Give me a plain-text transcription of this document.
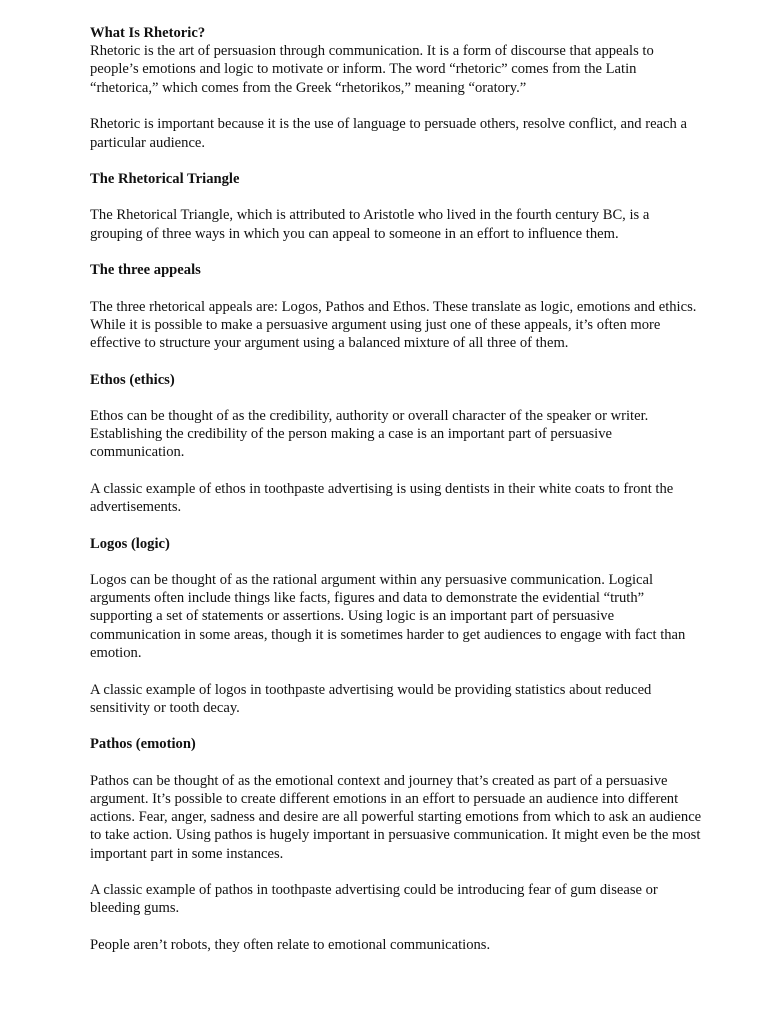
What Is Rhetoric?

Rhetoric is the art of persuasion through communication. It is a form of discourse that appeals to people’s emotions and logic to motivate or inform. The word “rhetoric” comes from the Latin “rhetorica,” which comes from the Greek “rhetorikos,” meaning “oratory.”

Rhetoric is important because it is the use of language to persuade others, resolve conflict, and reach a particular audience.

The Rhetorical Triangle

The Rhetorical Triangle, which is attributed to Aristotle who lived in the fourth century BC, is a grouping of three ways in which you can appeal to someone in an effort to influence them.

The three appeals

The three rhetorical appeals are: Logos, Pathos and Ethos. These translate as logic, emotions and ethics. While it is possible to make a persuasive argument using just one of these appeals, it’s often more effective to structure your argument using a balanced mixture of all three of them.

Ethos (ethics)

Ethos can be thought of as the credibility, authority or overall character of the speaker or writer. Establishing the credibility of the person making a case is an important part of persuasive communication.

A classic example of ethos in toothpaste advertising is using dentists in their white coats to front the advertisements.

Logos (logic)

Logos can be thought of as the rational argument within any persuasive communication. Logical arguments often include things like facts, figures and data to demonstrate the evidential “truth” supporting a set of statements or assertions. Using logic is an important part of persuasive communication in some areas, though it is sometimes harder to get audiences to engage with fact than emotion.

A classic example of logos in toothpaste advertising would be providing statistics about reduced sensitivity or tooth decay.

Pathos (emotion)

Pathos can be thought of as the emotional context and journey that’s created as part of a persuasive argument. It’s possible to create different emotions in an effort to persuade an audience into different actions. Fear, anger, sadness and desire are all powerful starting emotions from which to ask an audience to take action. Using pathos is hugely important in persuasive communication. It might even be the most important part in some instances.

A classic example of pathos in toothpaste advertising could be introducing fear of gum disease or bleeding gums.

People aren’t robots, they often relate to emotional communications.
